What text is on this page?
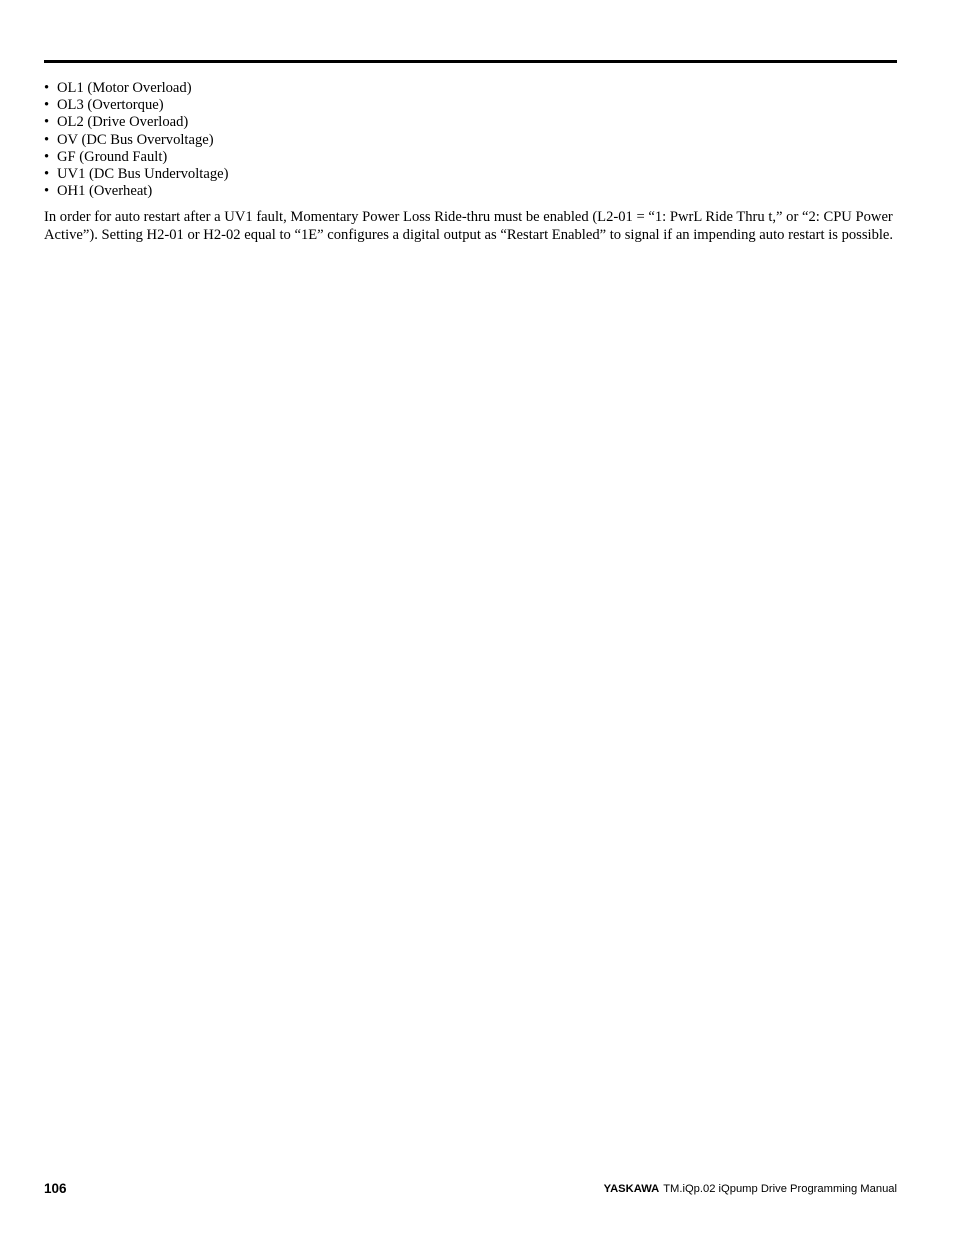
• OL1 (Motor Overload)
• OL3 (Overtorque)
• OL2 (Drive Overload)
• OV (DC Bus Overvoltage)
• GF (Ground Fault)
• UV1 (DC Bus Undervoltage)
• OH1 (Overheat)

In order for auto restart after a UV1 fault, Momentary Power Loss Ride-thru must be enabled (L2-01 = “1: PwrL Ride Thru t,” or “2: CPU Power Active”). Setting H2-01 or H2-02 equal to “1E” configures a digital output as “Restart Enabled” to signal if an impending auto restart is possible.

106	YASKAWA TM.iQp.02 iQpump Drive Programming Manual
